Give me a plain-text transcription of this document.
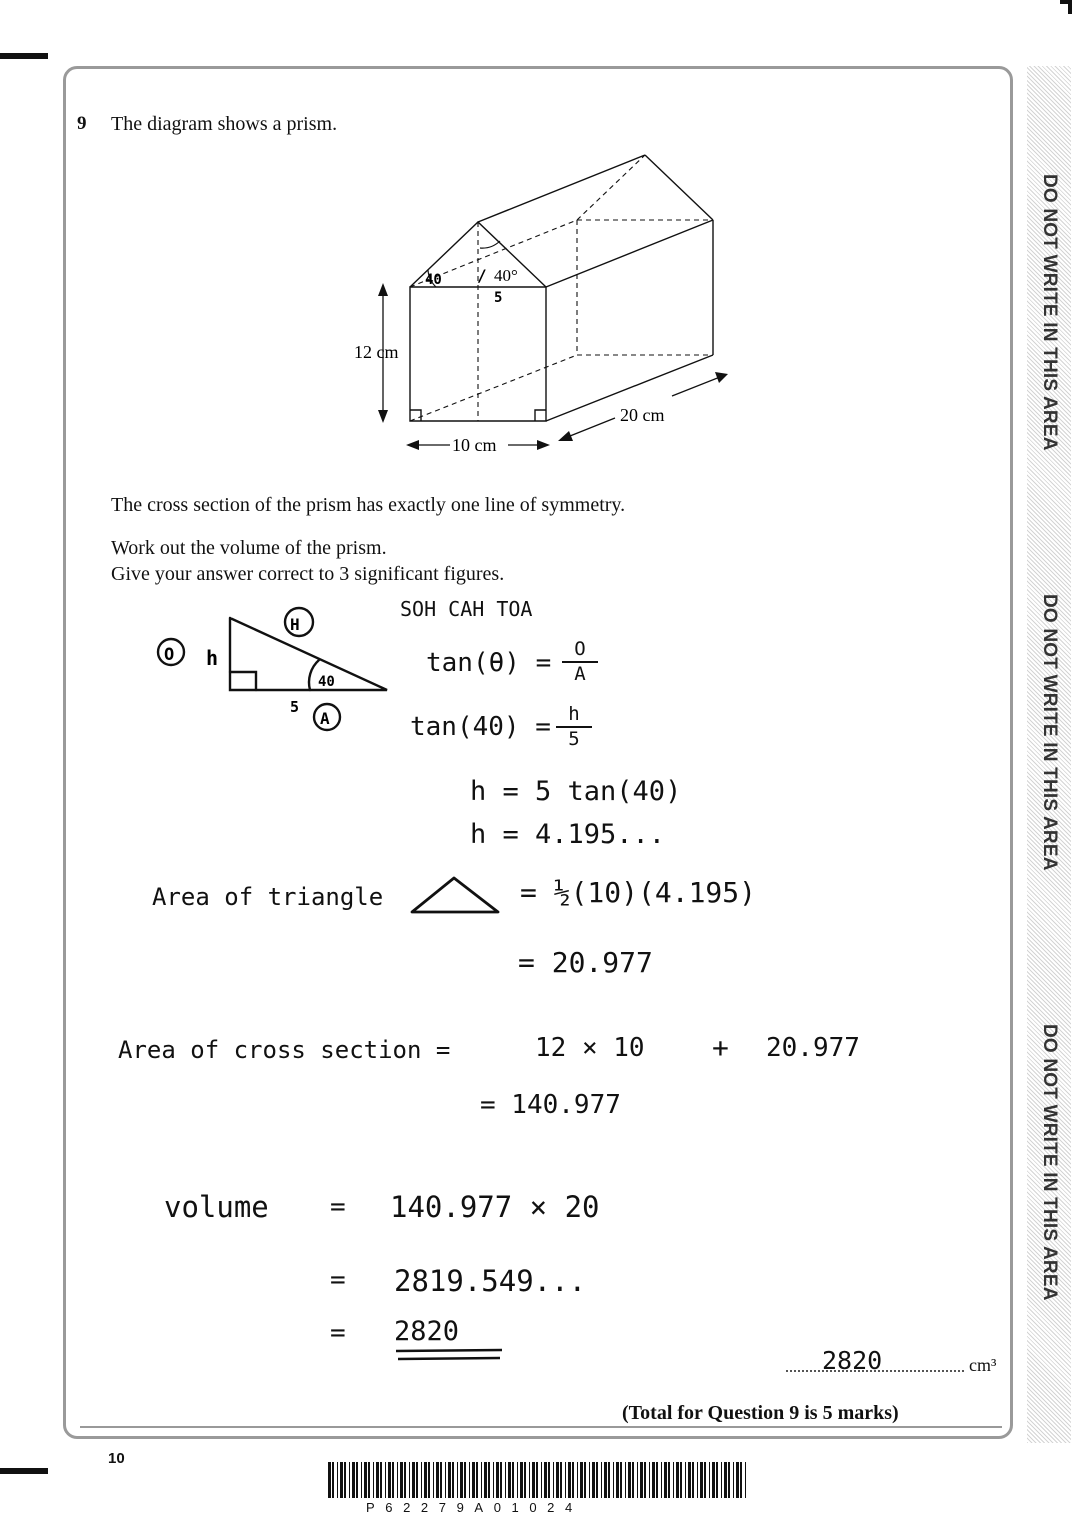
DO NOT WRITE IN THIS AREA
DO NOT WRITE IN THIS AREA
DO NOT WRITE IN THIS AREA
9 The diagram shows a prism.
12 cm
10 cm
20 cm
40°
40
5
/
The cross section of the prism has exactly one line of symmetry.
Work out the volume of the prism.
Give your answer correct to 3 significant figures.
O h
H
40
5
A
SOH CAH TOA
$\tan(\theta) = \frac{O}{A}$
$\tan(40) = \frac{h}{5}$
h = 5 tan(40)
h = 4.195...
Area of triangle	= ½(10)(4.195)
= 20.977
Area of cross section =	12 × 10 + 20.977
= 140.977
volume = 140.977 × 20
= 2819.549...
= 2820
2820	cm³
(Total for Question 9 is 5 marks)
10
P62279A01024
